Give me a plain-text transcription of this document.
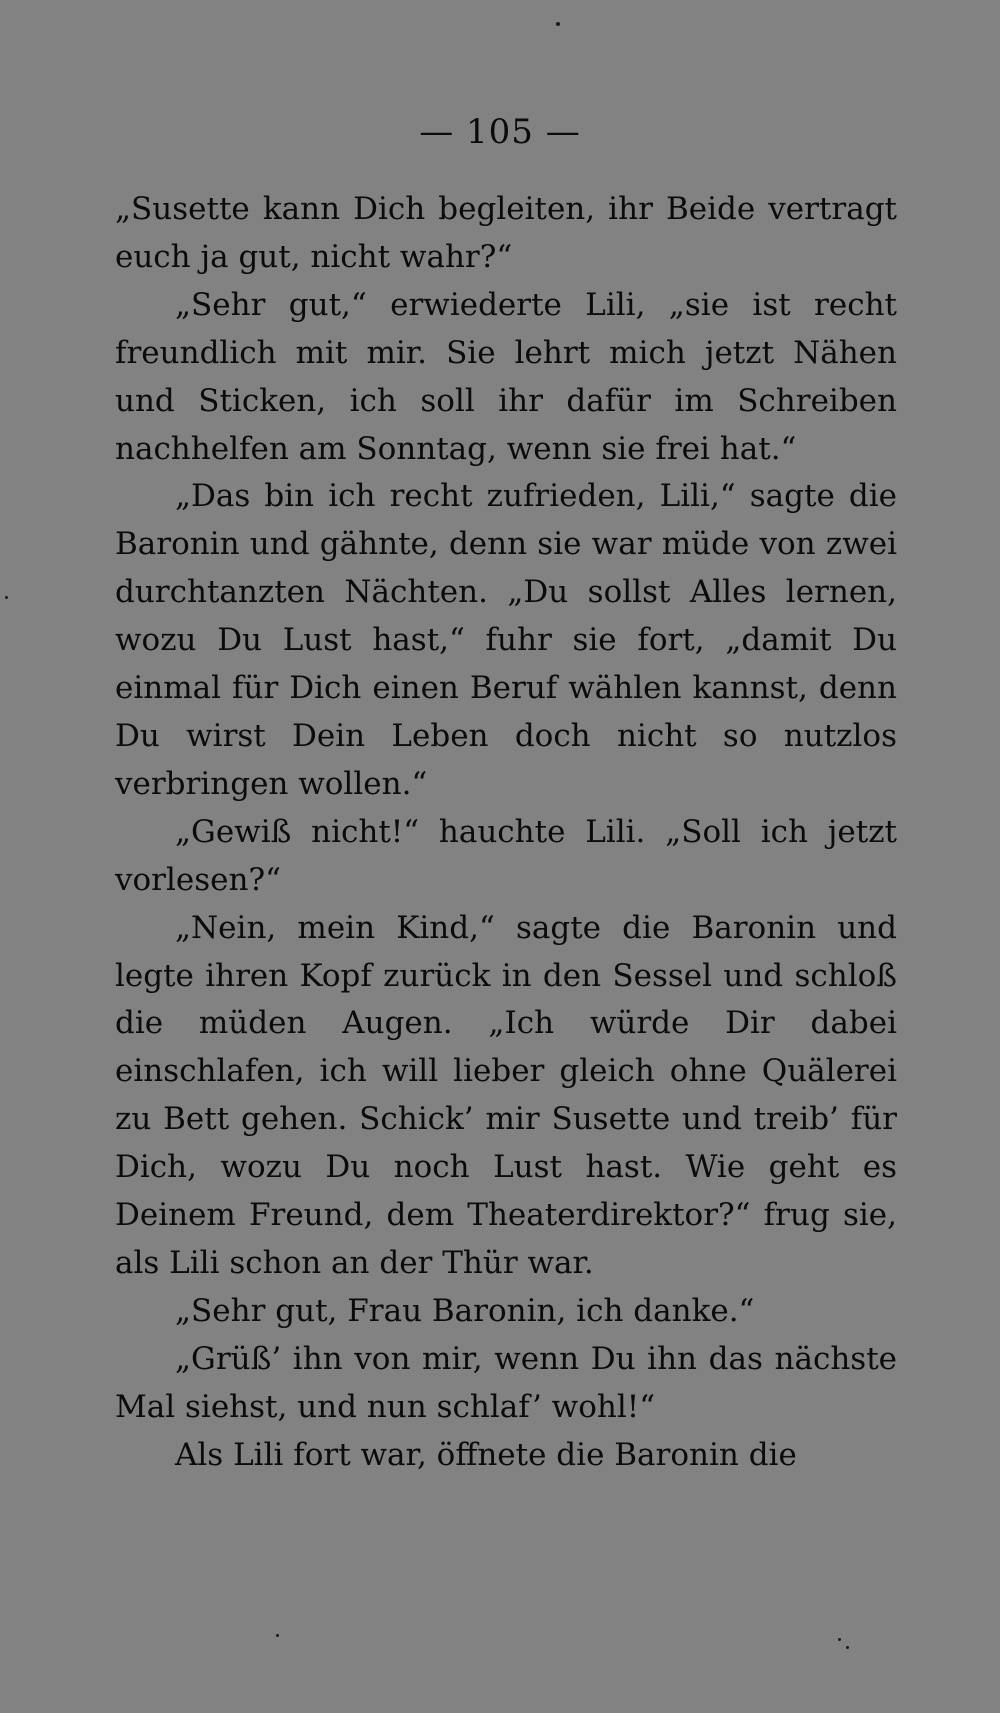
— 105 —

„Susette kann Dich begleiten, ihr Beide vertragt euch ja gut, nicht wahr?“

„Sehr gut,“ erwiederte Lili, „sie ist recht freundlich mit mir. Sie lehrt mich jetzt Nähen und Sticken, ich soll ihr dafür im Schreiben nachhelfen am Sonntag, wenn sie frei hat.“

„Das bin ich recht zufrieden, Lili,“ sagte die Baronin und gähnte, denn sie war müde von zwei durchtanzten Nächten. „Du sollst Alles lernen, wozu Du Lust hast,“ fuhr sie fort, „damit Du einmal für Dich einen Beruf wählen kannst, denn Du wirst Dein Leben doch nicht so nutzlos verbringen wollen.“

„Gewiß nicht!“ hauchte Lili. „Soll ich jetzt vorlesen?“

„Nein, mein Kind,“ sagte die Baronin und legte ihren Kopf zurück in den Sessel und schloß die müden Augen. „Ich würde Dir dabei einschlafen, ich will lieber gleich ohne Quälerei zu Bett gehen. Schick’ mir Susette und treib’ für Dich, wozu Du noch Lust hast. Wie geht es Deinem Freund, dem Theaterdirektor?“ frug sie, als Lili schon an der Thür war.

„Sehr gut, Frau Baronin, ich danke.“

„Grüß’ ihn von mir, wenn Du ihn das nächste Mal siehst, und nun schlaf’ wohl!“

Als Lili fort war, öffnete die Baronin die
